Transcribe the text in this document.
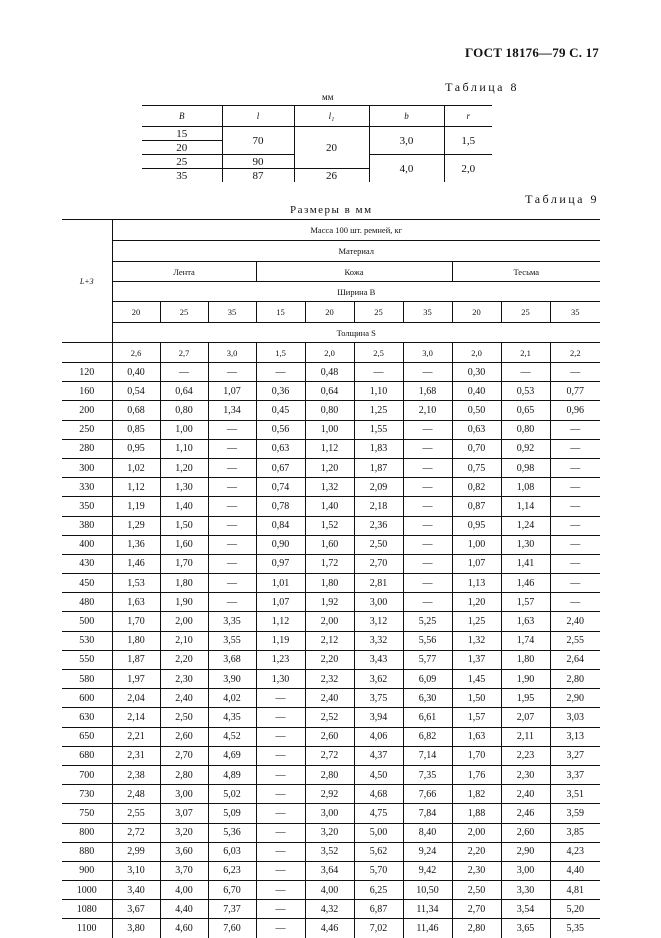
ГОСТ 18176—79 С. 17
Таблица 8
мм
B	l	l₁	b	r
15	70	20	3,0	1,5
20				
25	90		4,0	2,0
35	87	26		
Таблица 9
Размеры в мм
L+3	Масса 100 шт. ремней, кг									
	Материал									
	Лента			Кожа				Тесьма		
	Ширина B									
	20	25	35	15	20	25	35	20	25	35
	Толщина S									
	2,6	2,7	3,0	1,5	2,0	2,5	3,0	2,0	2,1	2,2
120	0,40	—	—	—	0,48	—	—	0,30	—	—
160	0,54	0,64	1,07	0,36	0,64	1,10	1,68	0,40	0,53	0,77
200	0,68	0,80	1,34	0,45	0,80	1,25	2,10	0,50	0,65	0,96
250	0,85	1,00	—	0,56	1,00	1,55	—	0,63	0,80	—
280	0,95	1,10	—	0,63	1,12	1,83	—	0,70	0,92	—
300	1,02	1,20	—	0,67	1,20	1,87	—	0,75	0,98	—
330	1,12	1,30	—	0,74	1,32	2,09	—	0,82	1,08	—
350	1,19	1,40	—	0,78	1,40	2,18	—	0,87	1,14	—
380	1,29	1,50	—	0,84	1,52	2,36	—	0,95	1,24	—
400	1,36	1,60	—	0,90	1,60	2,50	—	1,00	1,30	—
430	1,46	1,70	—	0,97	1,72	2,70	—	1,07	1,41	—
450	1,53	1,80	—	1,01	1,80	2,81	—	1,13	1,46	—
480	1,63	1,90	—	1,07	1,92	3,00	—	1,20	1,57	—
500	1,70	2,00	3,35	1,12	2,00	3,12	5,25	1,25	1,63	2,40
530	1,80	2,10	3,55	1,19	2,12	3,32	5,56	1,32	1,74	2,55
550	1,87	2,20	3,68	1,23	2,20	3,43	5,77	1,37	1,80	2,64
580	1,97	2,30	3,90	1,30	2,32	3,62	6,09	1,45	1,90	2,80
600	2,04	2,40	4,02	—	2,40	3,75	6,30	1,50	1,95	2,90
630	2,14	2,50	4,35	—	2,52	3,94	6,61	1,57	2,07	3,03
650	2,21	2,60	4,52	—	2,60	4,06	6,82	1,63	2,11	3,13
680	2,31	2,70	4,69	—	2,72	4,37	7,14	1,70	2,23	3,27
700	2,38	2,80	4,89	—	2,80	4,50	7,35	1,76	2,30	3,37
730	2,48	3,00	5,02	—	2,92	4,68	7,66	1,82	2,40	3,51
750	2,55	3,07	5,09	—	3,00	4,75	7,84	1,88	2,46	3,59
800	2,72	3,20	5,36	—	3,20	5,00	8,40	2,00	2,60	3,85
880	2,99	3,60	6,03	—	3,52	5,62	9,24	2,20	2,90	4,23
900	3,10	3,70	6,23	—	3,64	5,70	9,42	2,30	3,00	4,40
1000	3,40	4,00	6,70	—	4,00	6,25	10,50	2,50	3,30	4,81
1080	3,67	4,40	7,37	—	4,32	6,87	11,34	2,70	3,54	5,20
1100	3,80	4,60	7,60	—	4,46	7,02	11,46	2,80	3,65	5,35
